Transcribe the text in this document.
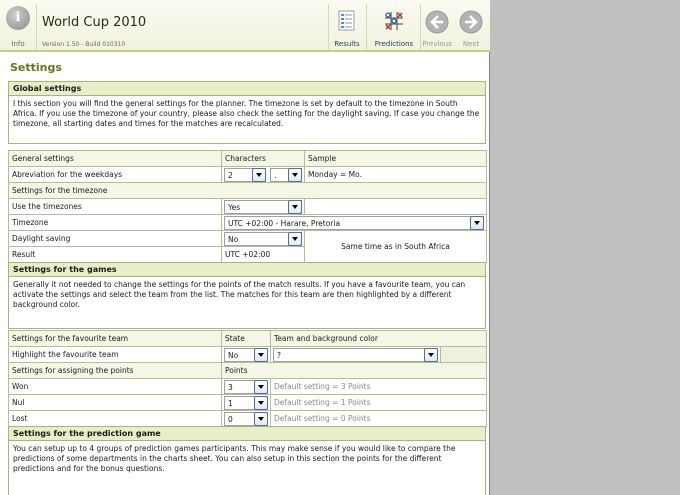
i
Info
World Cup 2010
Version 1.50 - Build 010310	Results	Predictions	Previous	Next
Settings
Global settings
I this section you will find the general settings for the planner. The timezone is set by default to the timezone in South Africa. If you use the timezone of your country, please also check the setting for the daylight saving. If case you change the timezone, all starting dates and times for the matches are recalculated.
General settings	Characters	Sample
Abreviation for the weekdays	2 .	Monday = Mo.
Settings for the timezone		
Use the timezones	Yes	

Timezone	UTC +02:00 - Harare, Pretoria	

Daylight saving	No	Same time as in South Africa
Result	UTC +02:00	
Settings for the games
Generally it not needed to change the settings for the points of the match results. If you have a favourite team, you can activate the settings and select the team from the list. The matches for this team are then highlighted by a different background color.
Settings for the favourite team	State	Team and background color	
Highlight the favourite team	No	?	

Settings for assigning the points	Points		
Won	3	Default setting = 3 Points	
Nul	1	Default setting = 1 Points	
Lost	0	Default setting = 0 Points	
Settings for the prediction game
You can setup up to 4 groups of prediction games participants. This may make sense if you would like to compare the predictions of some departments in the charts sheet. You can also setup in this section the points for the different predictions and for the bonus questions.
